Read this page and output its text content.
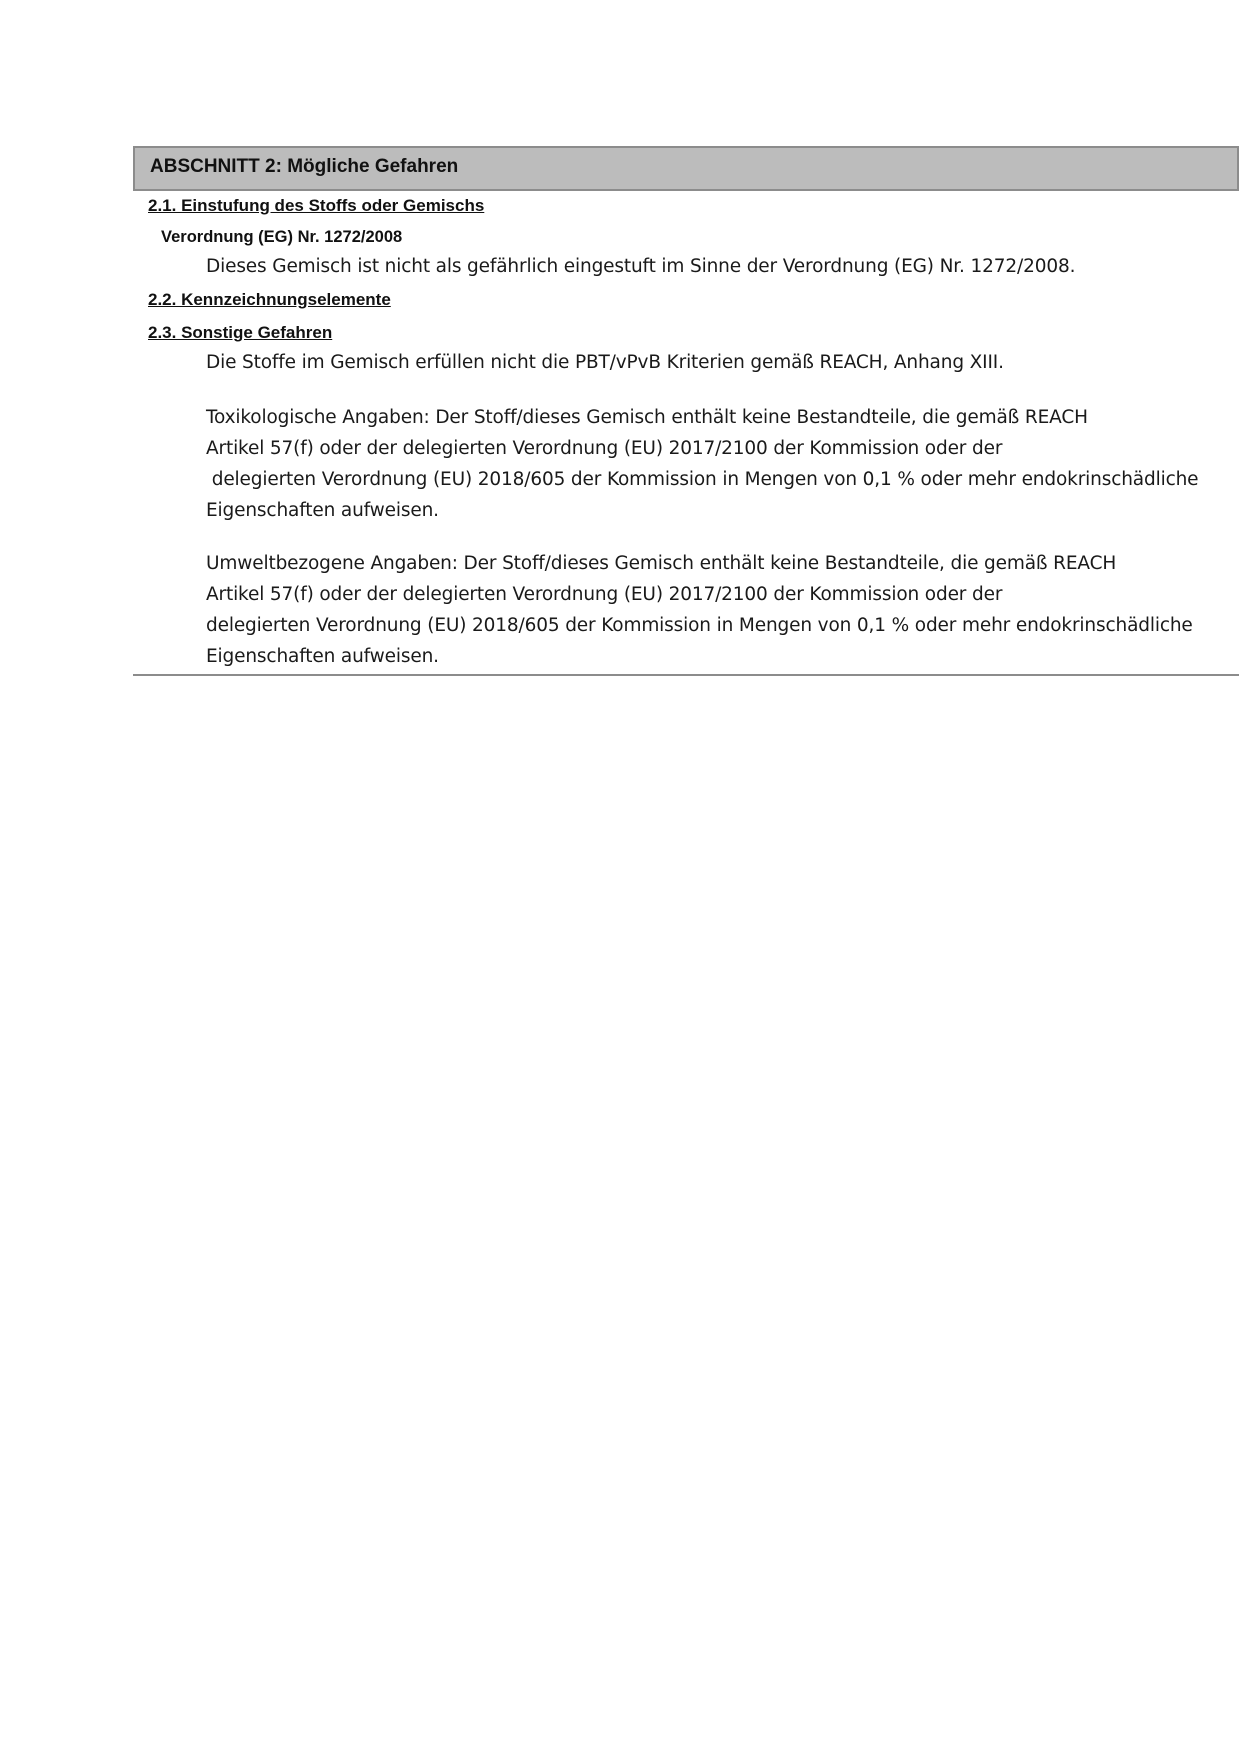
ABSCHNITT 2: Mögliche Gefahren
2.1. Einstufung des Stoffs oder Gemischs
Verordnung (EG) Nr. 1272/2008
Dieses Gemisch ist nicht als gefährlich eingestuft im Sinne der Verordnung (EG) Nr. 1272/2008.
2.2. Kennzeichnungselemente
2.3. Sonstige Gefahren
Die Stoffe im Gemisch erfüllen nicht die PBT/vPvB Kriterien gemäß REACH, Anhang XIII.
Toxikologische Angaben: Der Stoff/dieses Gemisch enthält keine Bestandteile, die gemäß REACH
Artikel 57(f) oder der delegierten Verordnung (EU) 2017/2100 der Kommission oder der
delegierten Verordnung (EU) 2018/605 der Kommission in Mengen von 0,1 % oder mehr endokrinschädliche
Eigenschaften aufweisen.
Umweltbezogene Angaben: Der Stoff/dieses Gemisch enthält keine Bestandteile, die gemäß REACH
Artikel 57(f) oder der delegierten Verordnung (EU) 2017/2100 der Kommission oder der
delegierten Verordnung (EU) 2018/605 der Kommission in Mengen von 0,1 % oder mehr endokrinschädliche
Eigenschaften aufweisen.
